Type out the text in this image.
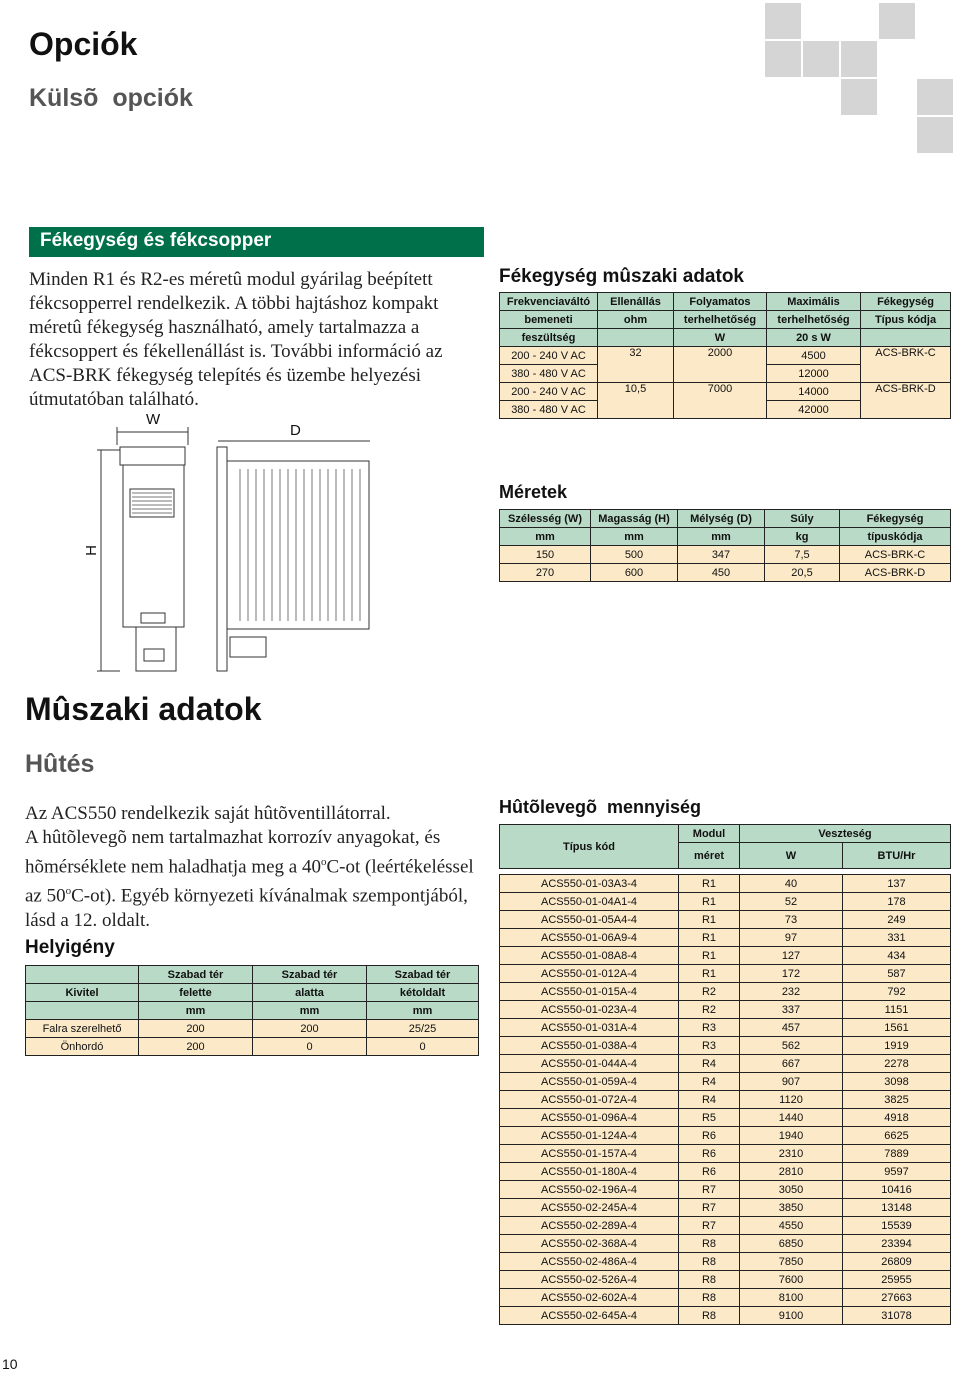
Opciók
Külsõ  opciók
Fékegység és fékcsopper
Minden R1 és R2-es méretû modul gyárilag beépített fékcsopperrel rendelkezik. A többi hajtáshoz kompakt méretû fékegység használható, amely tartalmazza a fékcsoppert és fékellenállást is. További információ az ACS-BRK fékegység telepítés és üzembe helyezési útmutatóban található.
W
D
H
Fékegység mûszaki adatok
Frekvenciaváltó	Ellenállás	Folyamatos	Maximális	Fékegység
bemeneti	ohm	terhelhetőség	terhelhetőség	Típus kódja
feszültség		W	20 s W	
200 - 240 V AC	32	2000	4500	ACS-BRK-C
380 - 480 V AC			12000	
200 - 240 V AC	10,5	7000	14000	ACS-BRK-D
380 - 480 V AC			42000	
Méretek
Szélesség (W)	Magasság (H)	Mélység (D)	Súly	Fékegység
mm	mm	mm	kg	típuskódja
150	500	347	7,5	ACS-BRK-C
270	600	450	20,5	ACS-BRK-D
Mûszaki adatok
Hûtés
Az ACS550 rendelkezik saját hûtõventillátorral.
A hûtõlevegõ nem tartalmazhat korrozív anyagokat, és hõmérséklete nem haladhatja meg a 40$^o$C-ot (leértékeléssel az 50$^o$C-ot). Egyéb környezeti kívánalmak szempontjából, lásd a 12. oldalt.
Helyigény
	Szabad tér	Szabad tér	Szabad tér
Kivitel	felette	alatta	kétoldalt
	mm	mm	mm
Falra szerelhető	200	200	25/25
Önhordó	200	0	0
Hûtõlevegõ  mennyiség
Típus kód	Modul	Veszteség	
	méret	W	BTU/Hr

ACS550-01-03A3-4	R1	40	137
ACS550-01-04A1-4	R1	52	178
ACS550-01-05A4-4	R1	73	249
ACS550-01-06A9-4	R1	97	331
ACS550-01-08A8-4	R1	127	434
ACS550-01-012A-4	R1	172	587
ACS550-01-015A-4	R2	232	792
ACS550-01-023A-4	R2	337	1151
ACS550-01-031A-4	R3	457	1561
ACS550-01-038A-4	R3	562	1919
ACS550-01-044A-4	R4	667	2278
ACS550-01-059A-4	R4	907	3098
ACS550-01-072A-4	R4	1120	3825
ACS550-01-096A-4	R5	1440	4918
ACS550-01-124A-4	R6	1940	6625
ACS550-01-157A-4	R6	2310	7889
ACS550-01-180A-4	R6	2810	9597
ACS550-02-196A-4	R7	3050	10416
ACS550-02-245A-4	R7	3850	13148
ACS550-02-289A-4	R7	4550	15539
ACS550-02-368A-4	R8	6850	23394
ACS550-02-486A-4	R8	7850	26809
ACS550-02-526A-4	R8	7600	25955
ACS550-02-602A-4	R8	8100	27663
ACS550-02-645A-4	R8	9100	31078
10
